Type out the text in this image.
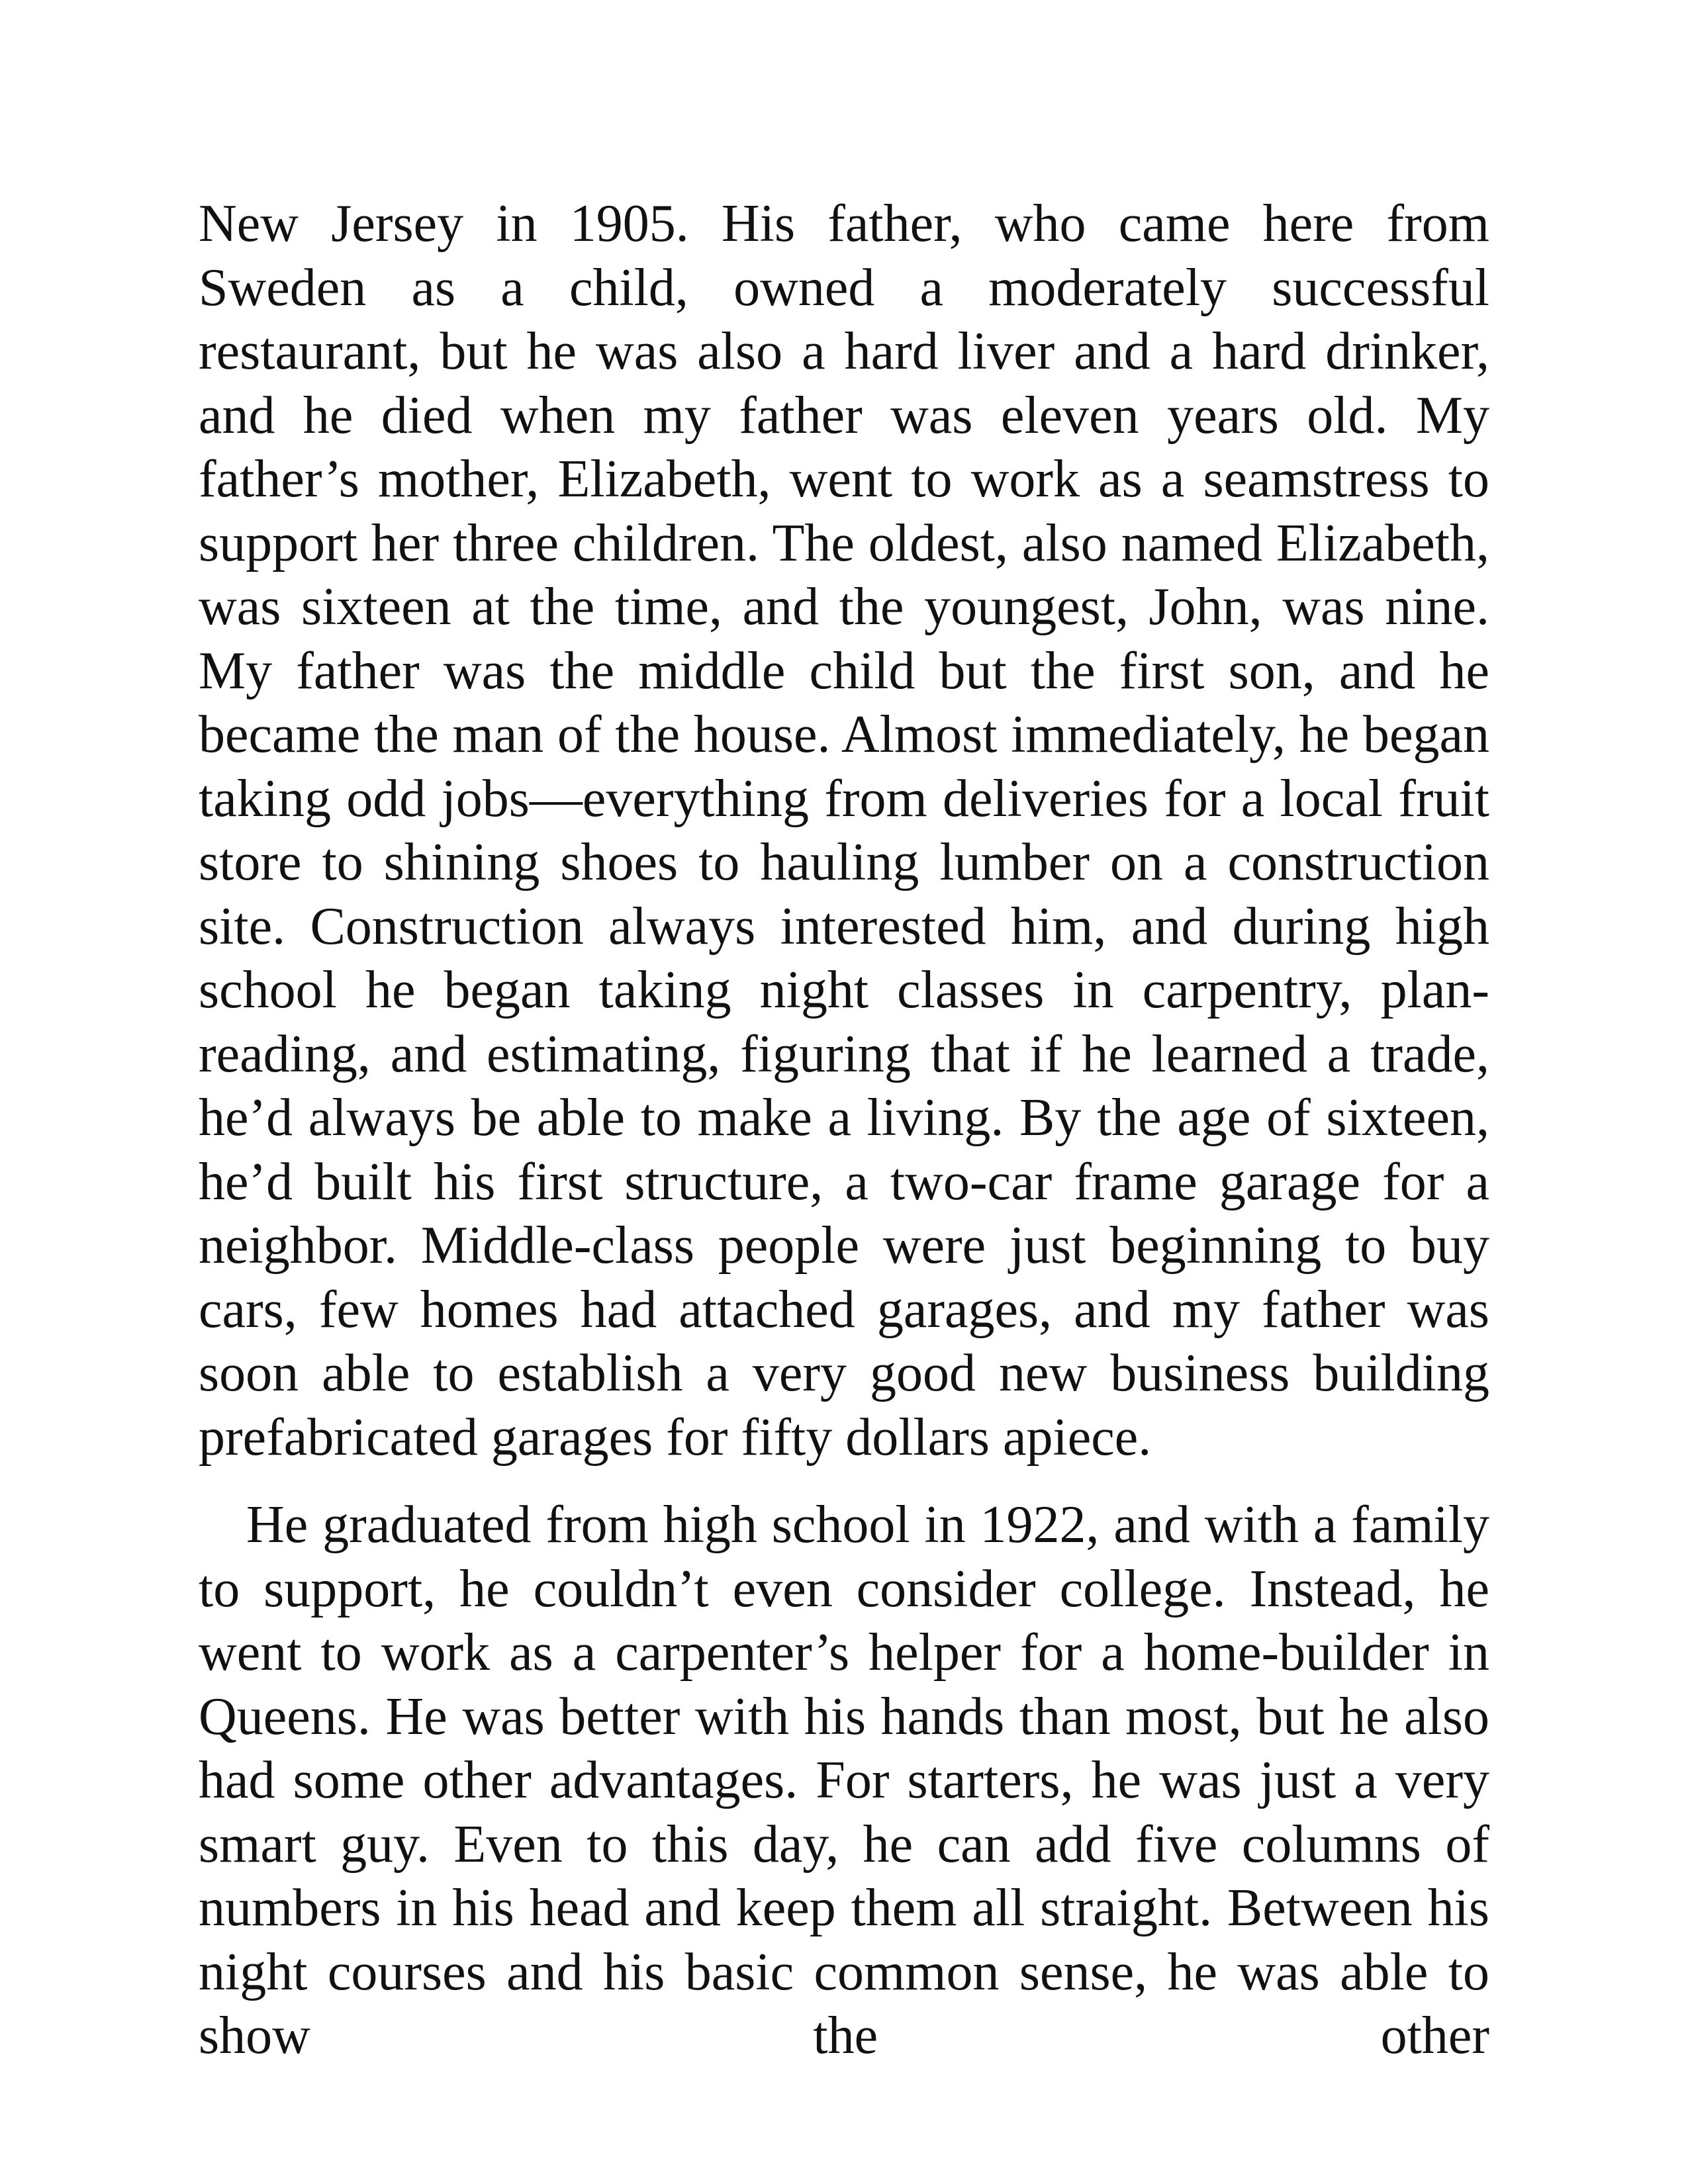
New Jersey in 1905. His father, who came here from Sweden as a child, owned a moderately successful restaurant, but he was also a hard liver and a hard drinker, and he died when my father was eleven years old. My father’s mother, Elizabeth, went to work as a seamstress to support her three children. The oldest, also named Elizabeth, was sixteen at the time, and the youngest, John, was nine. My father was the middle child but the first son, and he became the man of the house. Almost immediately, he began taking odd jobs—everything from deliveries for a local fruit store to shining shoes to hauling lumber on a construction site. Construction always interested him, and during high school he began taking night classes in carpentry, plan-reading, and estimating, figuring that if he learned a trade, he’d always be able to make a living. By the age of sixteen, he’d built his first structure, a two-car frame garage for a neighbor. Middle-class people were just beginning to buy cars, few homes had attached garages, and my father was soon able to establish a very good new business building prefabricated garages for fifty dollars apiece.

He graduated from high school in 1922, and with a family to support, he couldn’t even consider college. Instead, he went to work as a carpenter’s helper for a home-builder in Queens. He was better with his hands than most, but he also had some other advantages. For starters, he was just a very smart guy. Even to this day, he can add five columns of numbers in his head and keep them all straight. Between his night courses and his basic common sense, he was able to show the other
